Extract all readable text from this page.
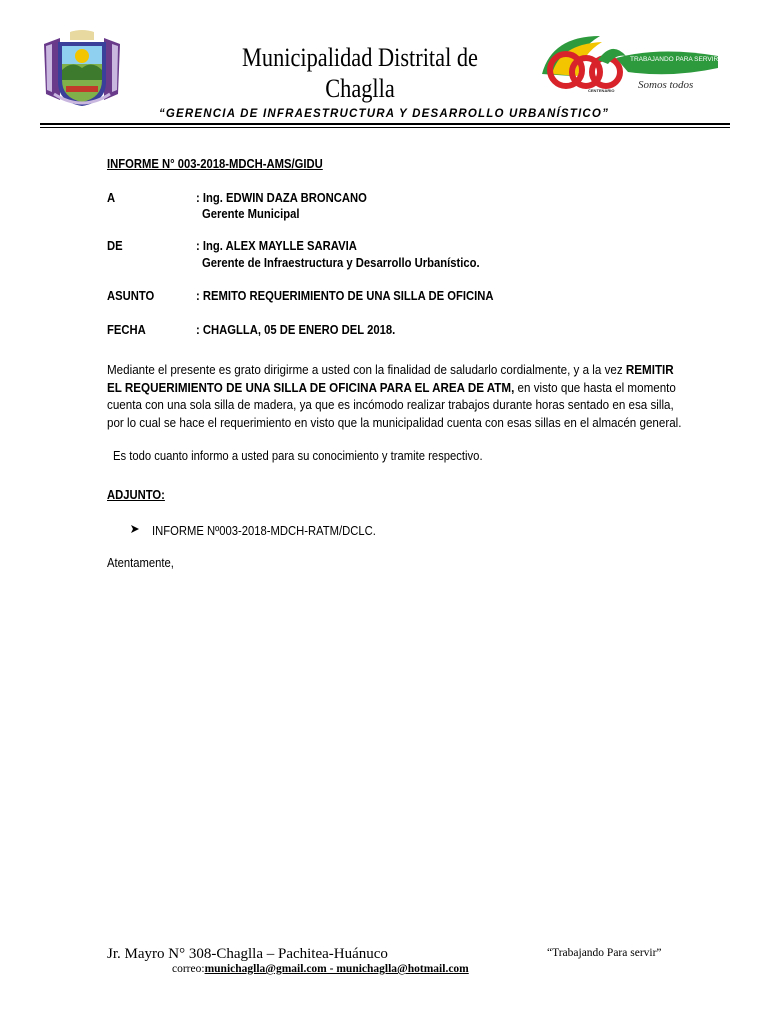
Municipalidad Distrital de
Chaglla
TRABAJANDO PARA SERVIR
Somos todos
CENTENARIO
“GERENCIA DE INFRAESTRUCTURA Y DESARROLLO URBANÍSTICO”
INFORME N° 003-2018-MDCH-AMS/GIDU
A	: Ing. EDWIN DAZA BRONCANO
Gerente Municipal
DE	: Ing. ALEX MAYLLE SARAVIA
Gerente de Infraestructura y Desarrollo Urbanístico.
ASUNTO	: REMITO REQUERIMIENTO DE UNA SILLA DE OFICINA
FECHA	: CHAGLLA, 05 DE ENERO DEL 2018.
Mediante el presente es grato dirigirme a usted con la finalidad de saludarlo cordialmente, y a la vez REMITIR
EL REQUERIMIENTO DE UNA SILLA DE OFICINA PARA EL AREA DE ATM, en visto que hasta el momento
cuenta con una sola silla de madera, ya que es incómodo realizar trabajos durante horas sentado en esa silla,
por lo cual se hace el requerimiento en visto que la municipalidad cuenta con esas sillas en el almacén general.
Es todo cuanto informo a usted para su conocimiento y tramite respectivo.
ADJUNTO:
INFORME Nº003-2018-MDCH-RATM/DCLC.
Atentamente,
Jr. Mayro N° 308-Chaglla – Pachitea-Huánuco	“Trabajando Para servir”
correo:munichaglla@gmail.com - munichaglla@hotmail.com
